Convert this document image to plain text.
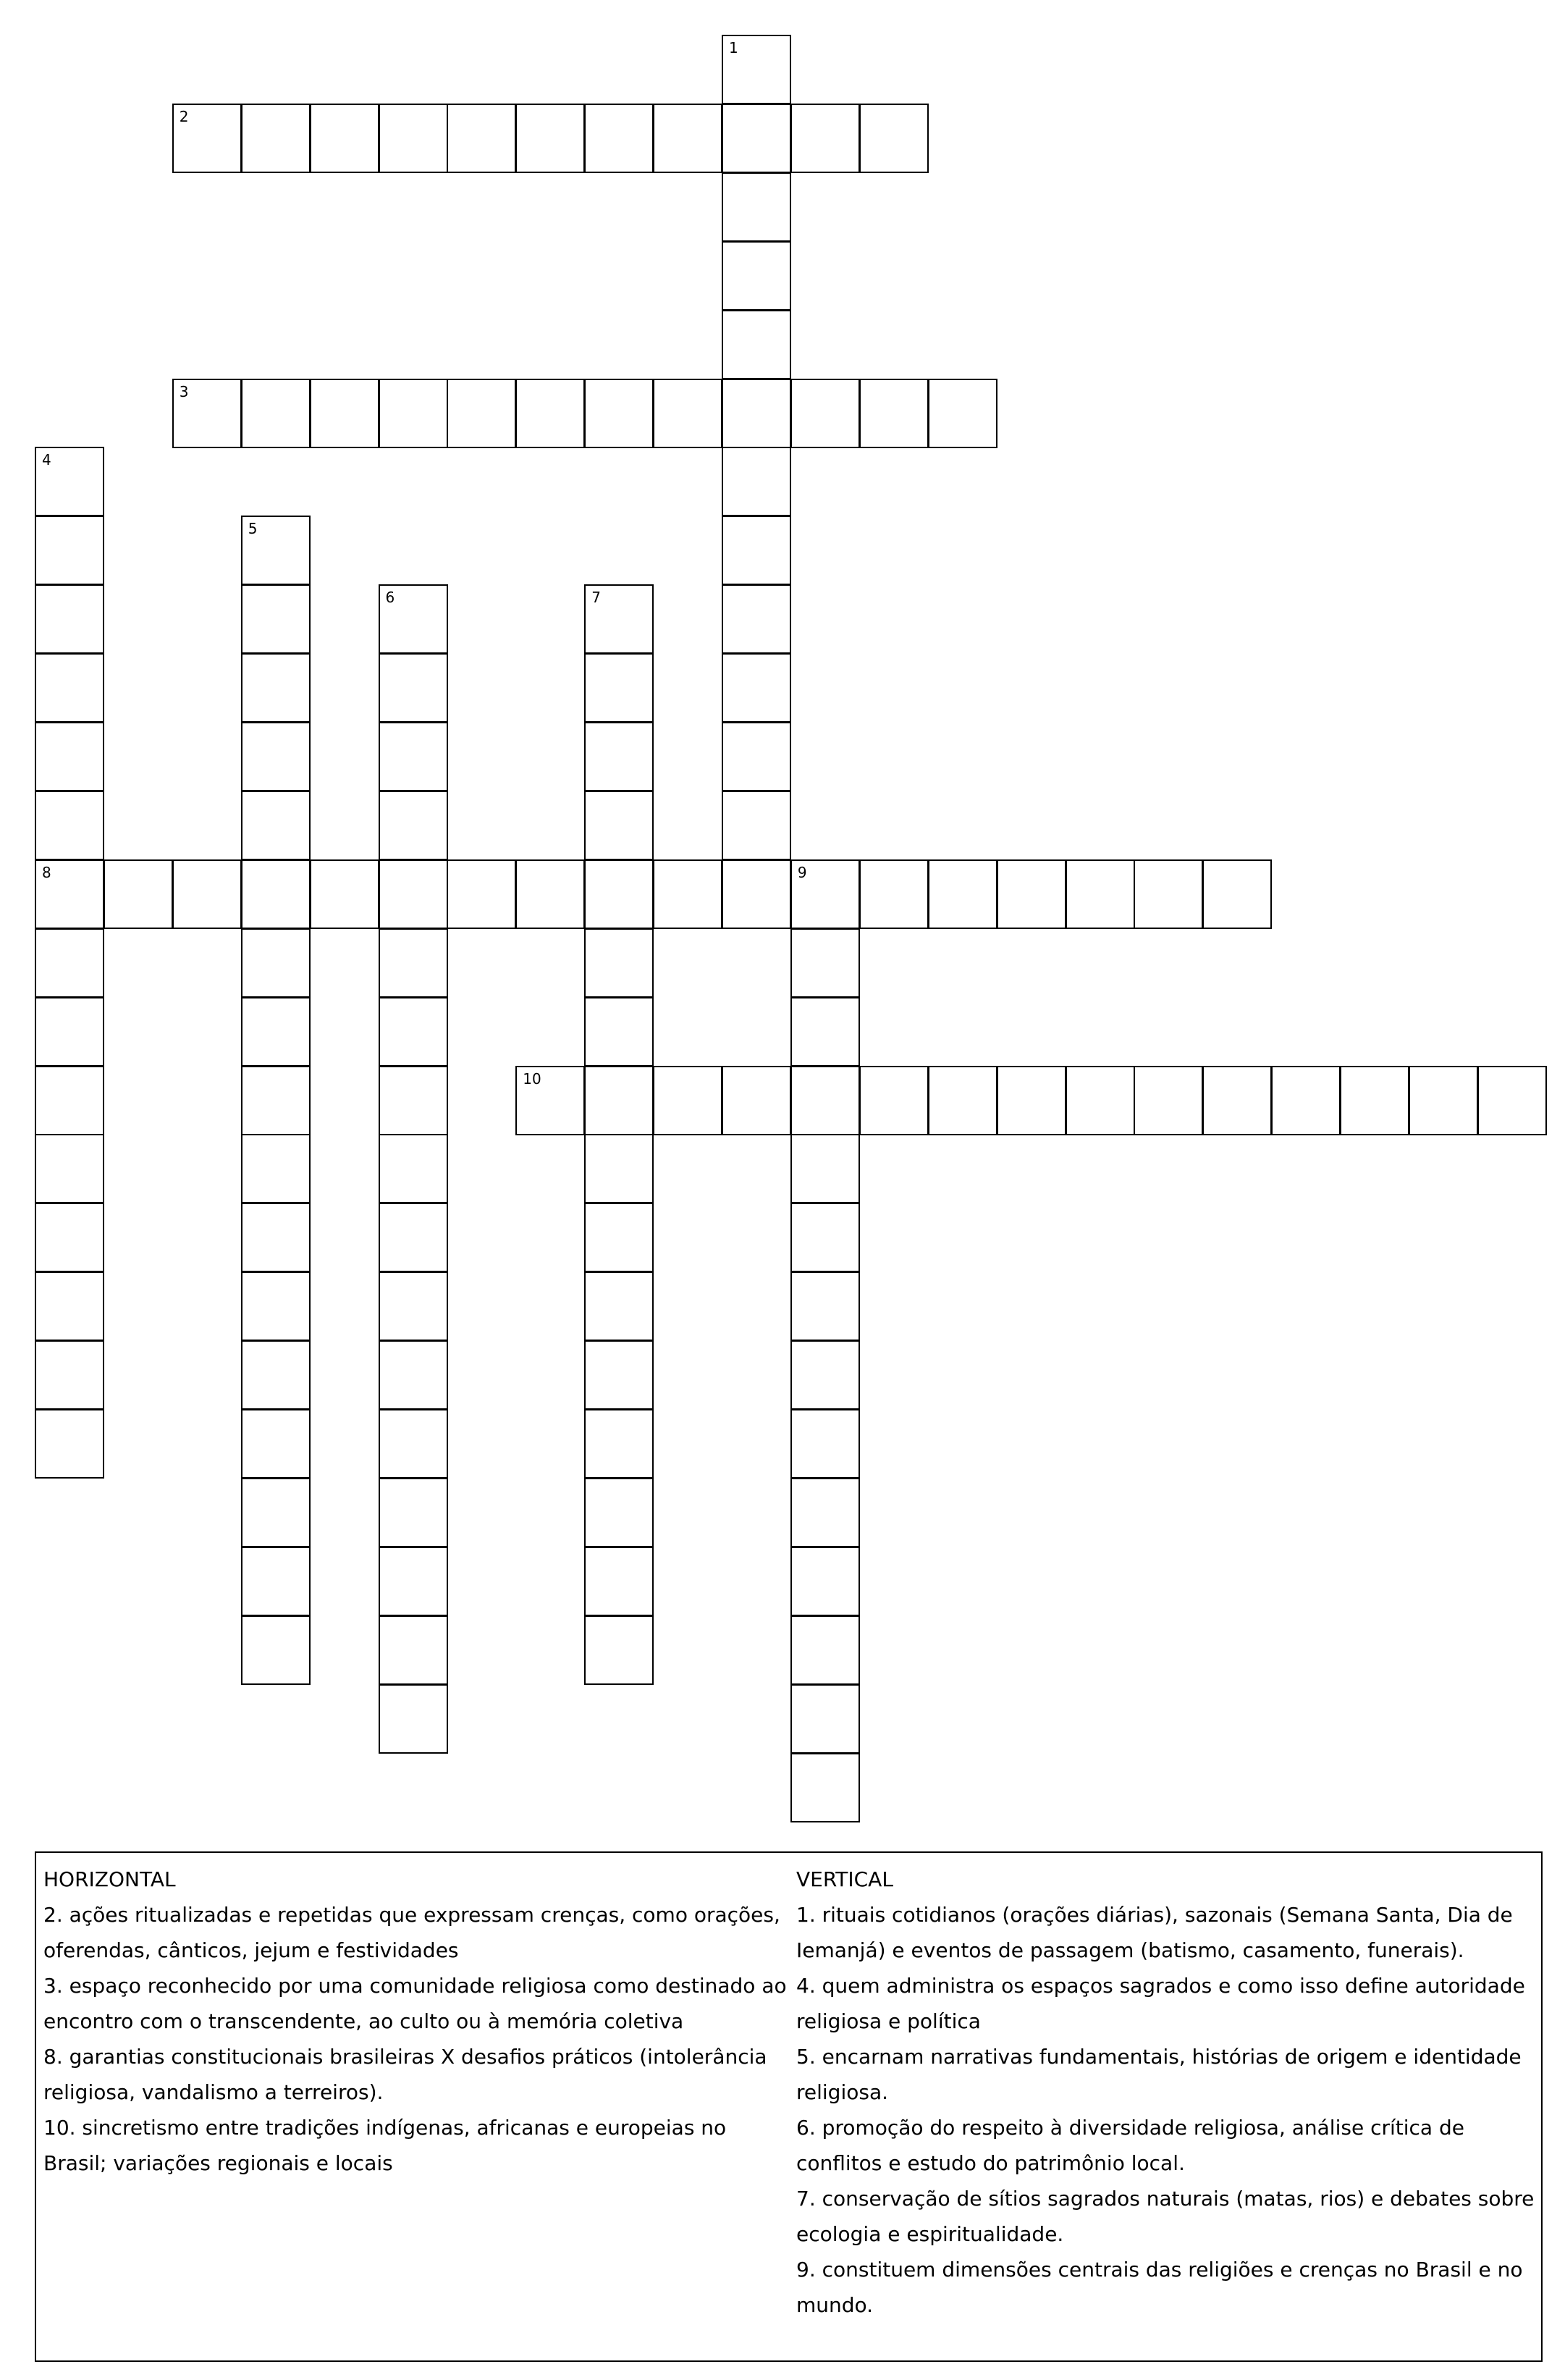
1
2
3
4
8
5
6	7
9
10

HORIZONTAL

2. ações ritualizadas e repetidas que expressam crenças, como orações, oferendas, cânticos, jejum e festividades

3. espaço reconhecido por uma comunidade religiosa como destinado ao encontro com o transcendente, ao culto ou à memória coletiva

8. garantias constitucionais brasileiras X desafios práticos (intolerância religiosa, vandalismo a terreiros).

10. sincretismo entre tradições indígenas, africanas e europeias no Brasil; variações regionais e locais

VERTICAL

1. rituais cotidianos (orações diárias), sazonais (Semana Santa, Dia de Iemanjá) e eventos de passagem (batismo, casamento, funerais).

4. quem administra os espaços sagrados e como isso define autoridade religiosa e política

5. encarnam narrativas fundamentais, histórias de origem e identidade religiosa.

6. promoção do respeito à diversidade religiosa, análise crítica de conflitos e estudo do patrimônio local.

7. conservação de sítios sagrados naturais (matas, rios) e debates sobre ecologia e espiritualidade.

9. constituem dimensões centrais das religiões e crenças no Brasil e no mundo.
